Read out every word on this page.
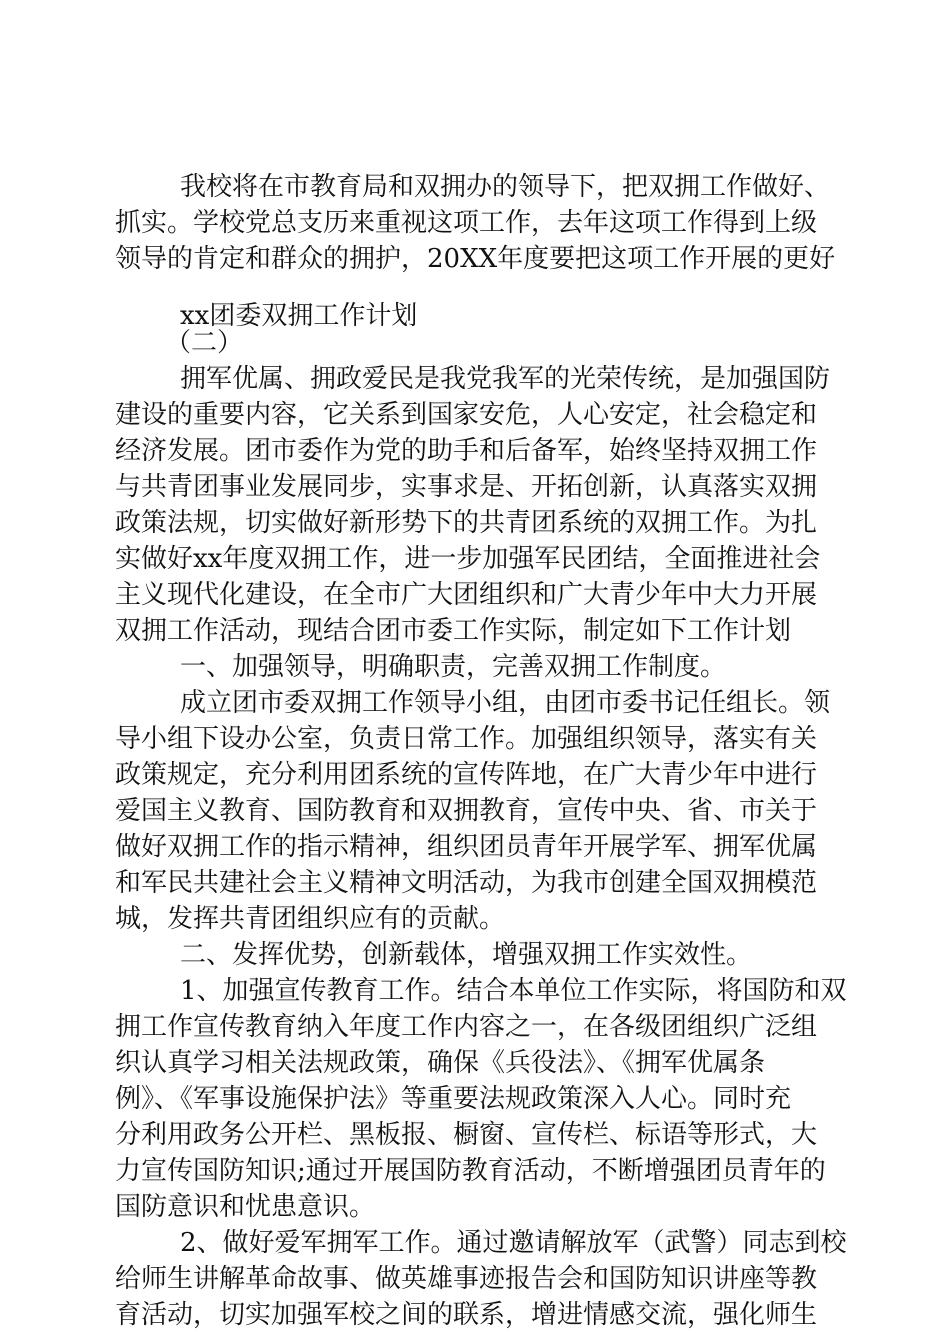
我校将在市教育局和双拥办的领导下，把双拥工作做好、
抓实。学校党总支历来重视这项工作，去年这项工作得到上级
领导的肯定和群众的拥护，20XX年度要把这项工作开展的更好
xx团委双拥工作计划
（二）
拥军优属、拥政爱民是我党我军的光荣传统，是加强国防
建设的重要内容，它关系到国家安危，人心安定，社会稳定和
经济发展。团市委作为党的助手和后备军，始终坚持双拥工作
与共青团事业发展同步，实事求是、开拓创新，认真落实双拥
政策法规，切实做好新形势下的共青团系统的双拥工作。为扎
实做好xx年度双拥工作，进一步加强军民团结，全面推进社会
主义现代化建设，在全市广大团组织和广大青少年中大力开展
双拥工作活动，现结合团市委工作实际，制定如下工作计划
一、加强领导，明确职责，完善双拥工作制度。
成立团市委双拥工作领导小组，由团市委书记任组长。领
导小组下设办公室，负责日常工作。加强组织领导，落实有关
政策规定，充分利用团系统的宣传阵地，在广大青少年中进行
爱国主义教育、国防教育和双拥教育，宣传中央、省、市关于
做好双拥工作的指示精神，组织团员青年开展学军、拥军优属
和军民共建社会主义精神文明活动，为我市创建全国双拥模范
城，发挥共青团组织应有的贡献。
二、发挥优势，创新载体，增强双拥工作实效性。
1、加强宣传教育工作。结合本单位工作实际，将国防和双
拥工作宣传教育纳入年度工作内容之一，在各级团组织广泛组
织认真学习相关法规政策，确保《兵役法》、《拥军优属条
例》、《军事设施保护法》等重要法规政策深入人心。同时充
分利用政务公开栏、黑板报、橱窗、宣传栏、标语等形式，大
力宣传国防知识;通过开展国防教育活动，不断增强团员青年的
国防意识和忧患意识。
2、做好爱军拥军工作。通过邀请解放军（武警）同志到校
给师生讲解革命故事、做英雄事迹报告会和国防知识讲座等教
育活动，切实加强军校之间的联系，增进情感交流，强化师生
